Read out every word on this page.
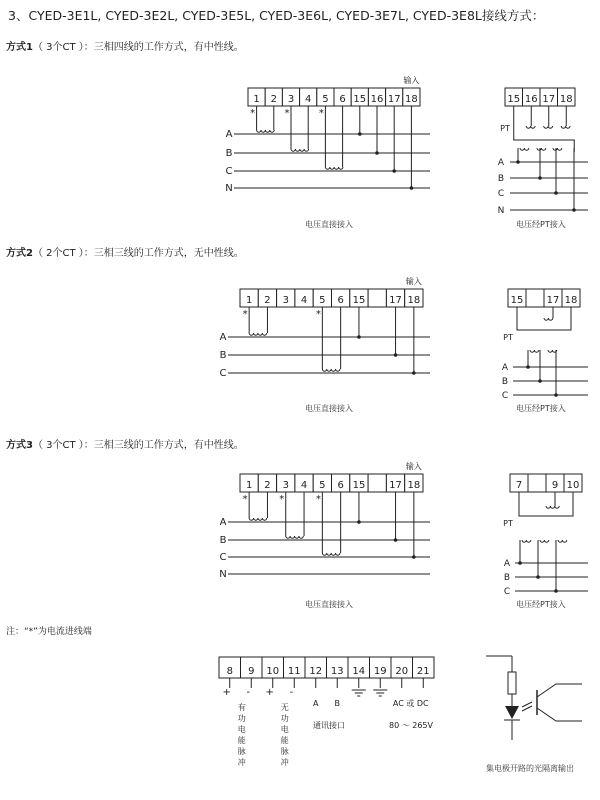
3、CYED-3E1L, CYED-3E2L, CYED-3E5L, CYED-3E6L, CYED-3E7L, CYED-3E8L接线方式：
方式1（ 3个CT ）：三相四线的工作方式，有中性线。
方式2（ 2个CT ）：三相三线的工作方式，无中性线。
方式3（ 3个CT ）：三相三线的工作方式，有中性线。
电压直接接入	电压经PT接入
电压直接接入	电压经PT接入
电压直接接入	电压经PT接入
注：“*”为电流进线端
集电极开路的光隔离输出
1 2 3 4 5 6 15 16 17 18
输入
A
B
C
N
*	*	*
15 16 17 18
A
B
C
N
PT
1 2 3 4 5 6 15 17 18
输入
A
B
C
*	*
15 17 18
A
B
C
PT
1 2 3 4 5 6 15 17 18
输入
A
B
C
N
*	*	*
7	9 10
A
B
C
PT
8 9 10 11 12 13 14 19 20 21
+ - + -
A B	AC 或 DC
通讯接口	80 ～ 265V
有
功
电
能
脉
冲
无
功
电
能
脉
冲
